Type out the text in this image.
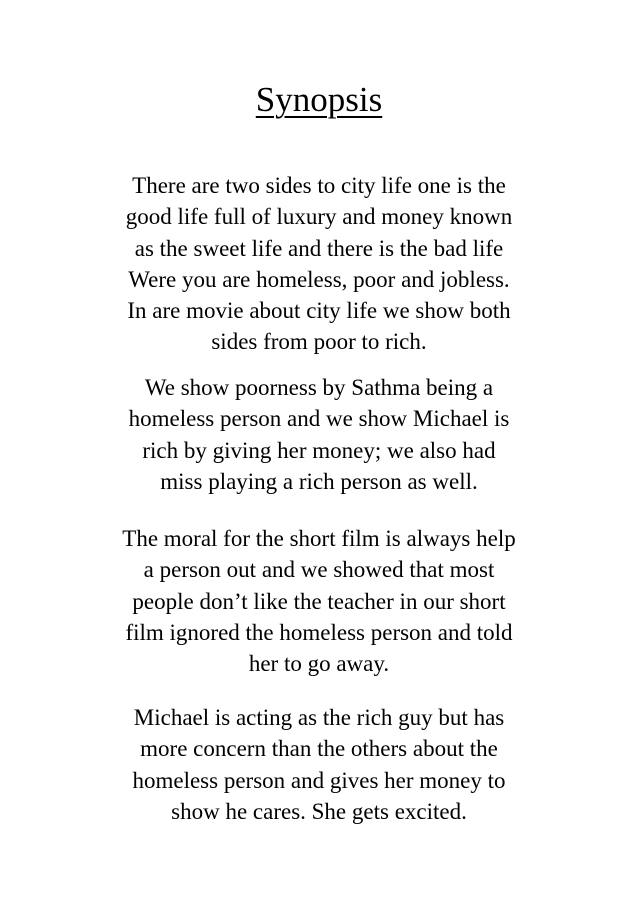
Synopsis

There are two sides to city life one is the
good life full of luxury and money known
as the sweet life and there is the bad life
Were you are homeless, poor and jobless.
In are movie about city life we show both
sides from poor to rich.

We show poorness by Sathma being a
homeless person and we show Michael is
rich by giving her money; we also had
miss playing a rich person as well.

The moral for the short film is always help
a person out and we showed that most
people don’t like the teacher in our short
film ignored the homeless person and told
her to go away.

Michael is acting as the rich guy but has
more concern than the others about the
homeless person and gives her money to
show he cares. She gets excited.
